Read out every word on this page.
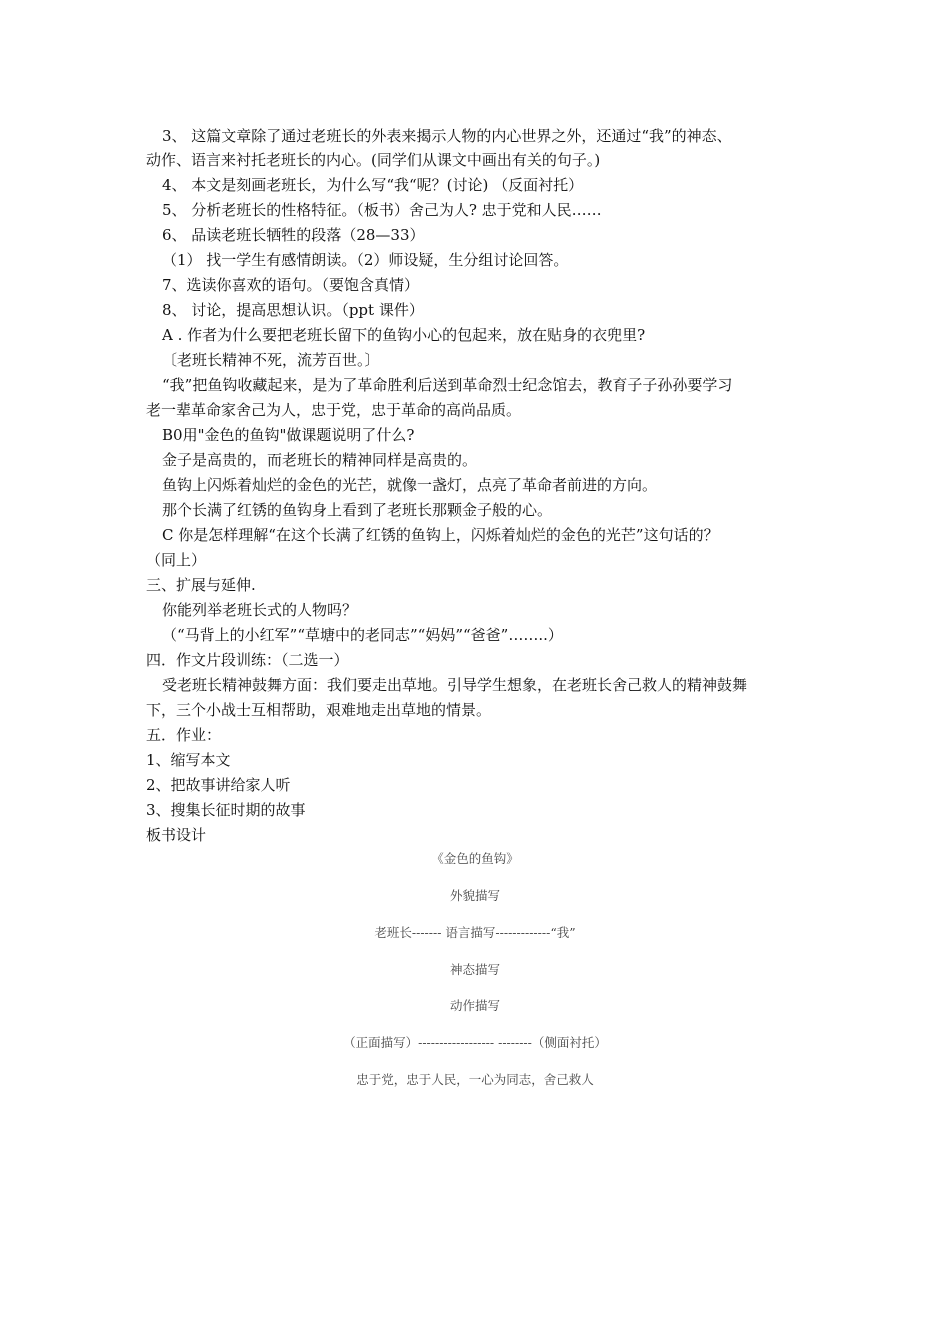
3、 这篇文章除了通过老班长的外表来揭示人物的内心世界之外，还通过“我”的神态、
动作、语言来衬托老班长的内心。(同学们从课文中画出有关的句子。)
4、 本文是刻画老班长，为什么写“我“呢？(讨论) （反面衬托）
5、 分析老班长的性格特征。（板书）舍己为人? 忠于党和人民……
6、 品读老班长牺牲的段落（28—33）
（1） 找一学生有感情朗读。（2）师设疑，生分组讨论回答。
7、选读你喜欢的语句。（要饱含真情）
8、 讨论，提高思想认识。（ppt 课件）
A . 作者为什么要把老班长留下的鱼钩小心的包起来，放在贴身的衣兜里?
〔老班长精神不死，流芳百世。〕
“我”把鱼钩收藏起来，是为了革命胜利后送到革命烈士纪念馆去，教育子子孙孙要学习
老一辈革命家舍己为人，忠于党，忠于革命的高尚品质。
B0用"金色的鱼钩"做课题说明了什么?
金子是高贵的，而老班长的精神同样是高贵的。
鱼钩上闪烁着灿烂的金色的光芒，就像一盏灯，点亮了革命者前进的方向。
那个长满了红锈的鱼钩身上看到了老班长那颗金子般的心。
C 你是怎样理解“在这个长满了红锈的鱼钩上，闪烁着灿烂的金色的光芒”这句话的？
（同上）
三、扩展与延伸.
你能列举老班长式的人物吗？
（“马背上的小红军”“草塘中的老同志”“妈妈”“爸爸”……..）
四．作文片段训练：（二选一）
受老班长精神鼓舞方面：我们要走出草地。引导学生想象，在老班长舍己救人的精神鼓舞
下，三个小战士互相帮助，艰难地走出草地的情景。
五．作业：
1、缩写本文
2、把故事讲给家人听
3、搜集长征时期的故事
板书设计
《金色的鱼钩》
外貌描写
老班长------- 语言描写-------------“我”
神态描写
动作描写
（正面描写）------------------ --------（侧面衬托）
忠于党，忠于人民，一心为同志，舍己救人
